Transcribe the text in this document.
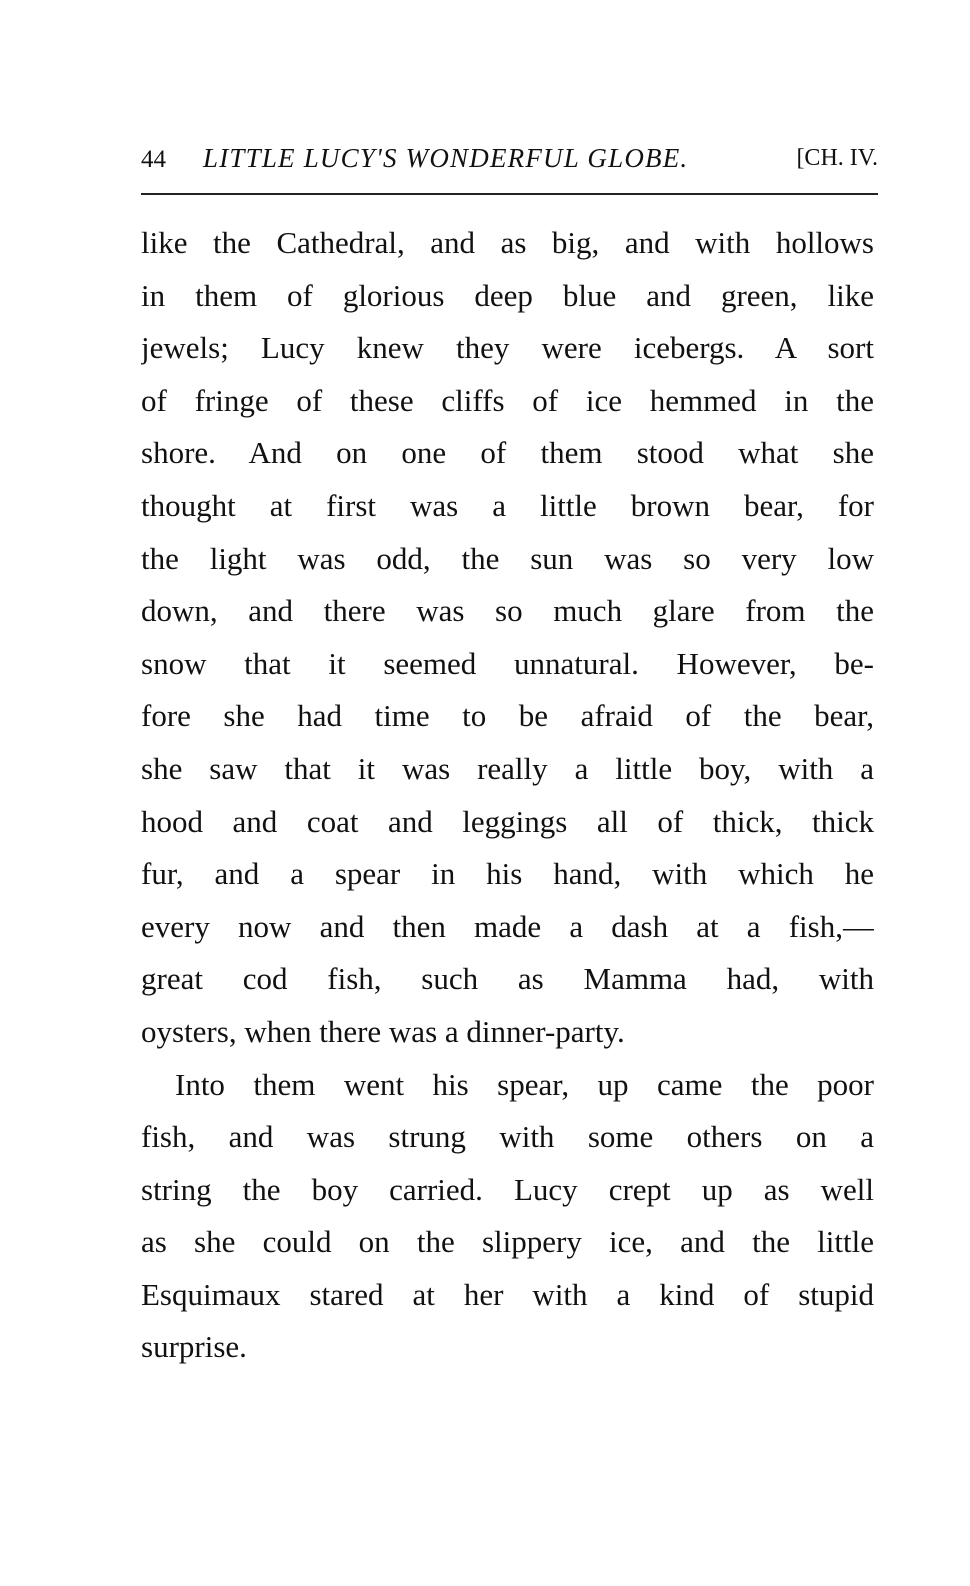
44 LITTLE LUCY'S WONDERFUL GLOBE.	[CH. IV.
like the Cathedral, and as big, and with hollows
in them of glorious deep blue and green, like
jewels; Lucy knew they were icebergs. A sort
of fringe of these cliffs of ice hemmed in the
shore. And on one of them stood what she
thought at first was a little brown bear, for
the light was odd, the sun was so very low
down, and there was so much glare from the
snow that it seemed unnatural. However, be-
fore she had time to be afraid of the bear,
she saw that it was really a little boy, with a
hood and coat and leggings all of thick, thick
fur, and a spear in his hand, with which he
every now and then made a dash at a fish,—
great cod fish, such as Mamma had, with
oysters, when there was a dinner-party.
Into them went his spear, up came the poor
fish, and was strung with some others on a
string the boy carried. Lucy crept up as well
as she could on the slippery ice, and the little
Esquimaux stared at her with a kind of stupid
surprise.
